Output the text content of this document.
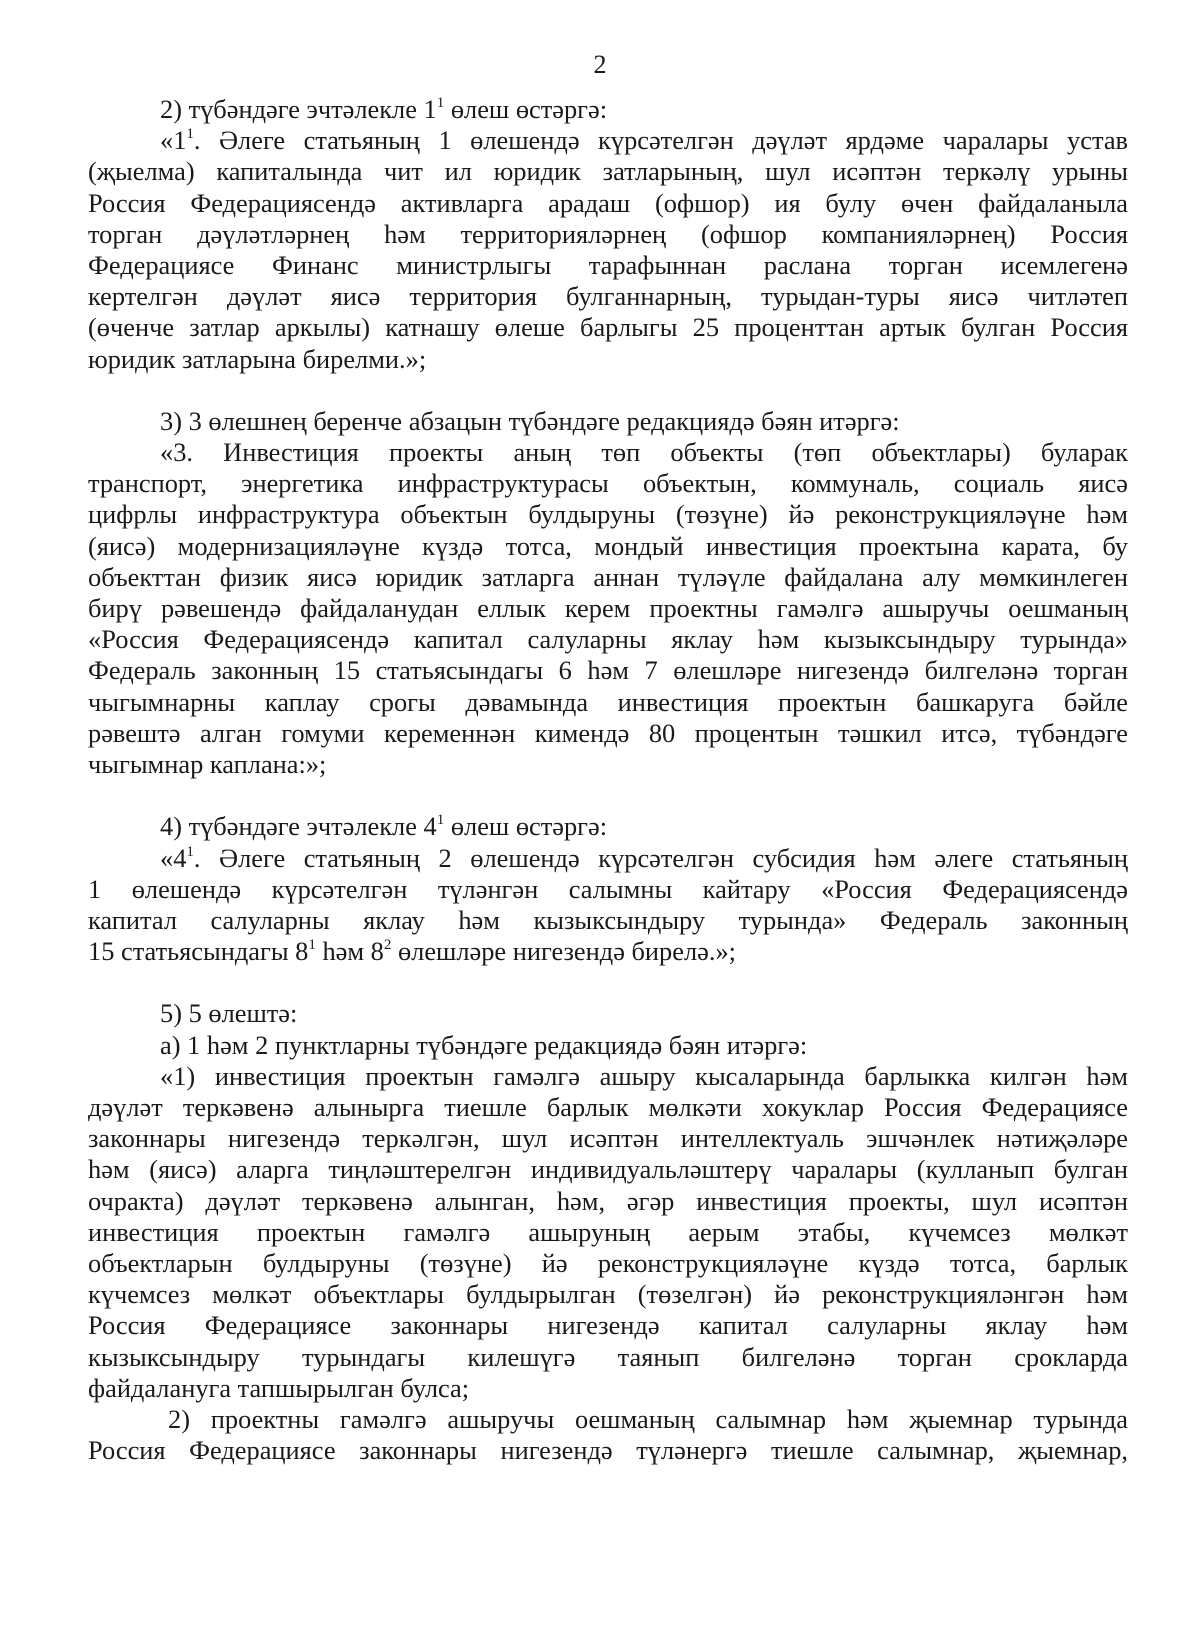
2
2) түбәндәге эчтәлекле $1^1$ өлеш өстәргә:
«$1^1$. Әлеге статьяның 1 өлешендә күрсәтелгән дәүләт ярдәме чаралары устав
(җыелма) капиталында чит ил юридик затларының, шул исәптән теркәлү урыны
Россия Федерациясендә активларга арадаш (офшор) ия булу өчен файдаланыла
торган дәүләтләрнең һәм территорияләрнең (офшор компанияләрнең) Россия
Федерациясе Финанс министрлыгы тарафыннан раслана торган исемлегенә
кертелгән дәүләт яисә территория булганнарның, турыдан-туры яисә читләтеп
(өченче затлар аркылы) катнашу өлеше барлыгы 25 проценттан артык булган Россия
юридик затларына бирелми.»;
3) 3 өлешнең беренче абзацын түбәндәге редакциядә бәян итәргә:
«3. Инвестиция проекты аның төп объекты (төп объектлары) буларак
транспорт, энергетика инфраструктурасы объектын, коммуналь, социаль яисә
цифрлы инфраструктура объектын булдыруны (төзүне) йә реконструкцияләүне һәм
(яисә) модернизацияләүне күздә тотса, мондый инвестиция проектына карата, бу
объекттан физик яисә юридик затларга аннан түләүле файдалана алу мөмкинлеген
бирү рәвешендә файдаланудан еллык керем проектны гамәлгә ашыручы оешманың
«Россия Федерациясендә капитал салуларны яклау һәм кызыксындыру турында»
Федераль законның 15 статьясындагы 6 һәм 7 өлешләре нигезендә билгеләнә торган
чыгымнарны каплау срогы дәвамында инвестиция проектын башкаруга бәйле
рәвештә алган гомуми кеременнән кимендә 80 процентын тәшкил итсә, түбәндәге
чыгымнар каплана:»;
4) түбәндәге эчтәлекле $4^1$ өлеш өстәргә:
«$4^1$. Әлеге статьяның 2 өлешендә күрсәтелгән субсидия һәм әлеге статьяның
1 өлешендә күрсәтелгән түләнгән салымны кайтару «Россия Федерациясендә
капитал салуларны яклау һәм кызыксындыру турында» Федераль законның
15 статьясындагы $8^1$ һәм $8^2$ өлешләре нигезендә бирелә.»;
5) 5 өлештә:
а) 1 һәм 2 пунктларны түбәндәге редакциядә бәян итәргә:
«1) инвестиция проектын гамәлгә ашыру кысаларында барлыкка килгән һәм
дәүләт теркәвенә алынырга тиешле барлык мөлкәти хокуклар Россия Федерациясе
законнары нигезендә теркәлгән, шул исәптән интеллектуаль эшчәнлек нәтиҗәләре
һәм (яисә) аларга тиңләштерелгән индивидуальләштерү чаралары (кулланып булган
очракта) дәүләт теркәвенә алынган, һәм, әгәр инвестиция проекты, шул исәптән
инвестиция проектын гамәлгә ашыруның аерым этабы, күчемсез мөлкәт
объектларын булдыруны (төзүне) йә реконструкцияләүне күздә тотса, барлык
күчемсез мөлкәт объектлары булдырылган (төзелгән) йә реконструкцияләнгән һәм
Россия Федерациясе законнары нигезендә капитал салуларны яклау һәм
кызыксындыру турындагы килешүгә таянып билгеләнә торган срокларда
файдалануга тапшырылган булса;
2) проектны гамәлгә ашыручы оешманың салымнар һәм җыемнар турында
Россия Федерациясе законнары нигезендә түләнергә тиешле салымнар, җыемнар,
